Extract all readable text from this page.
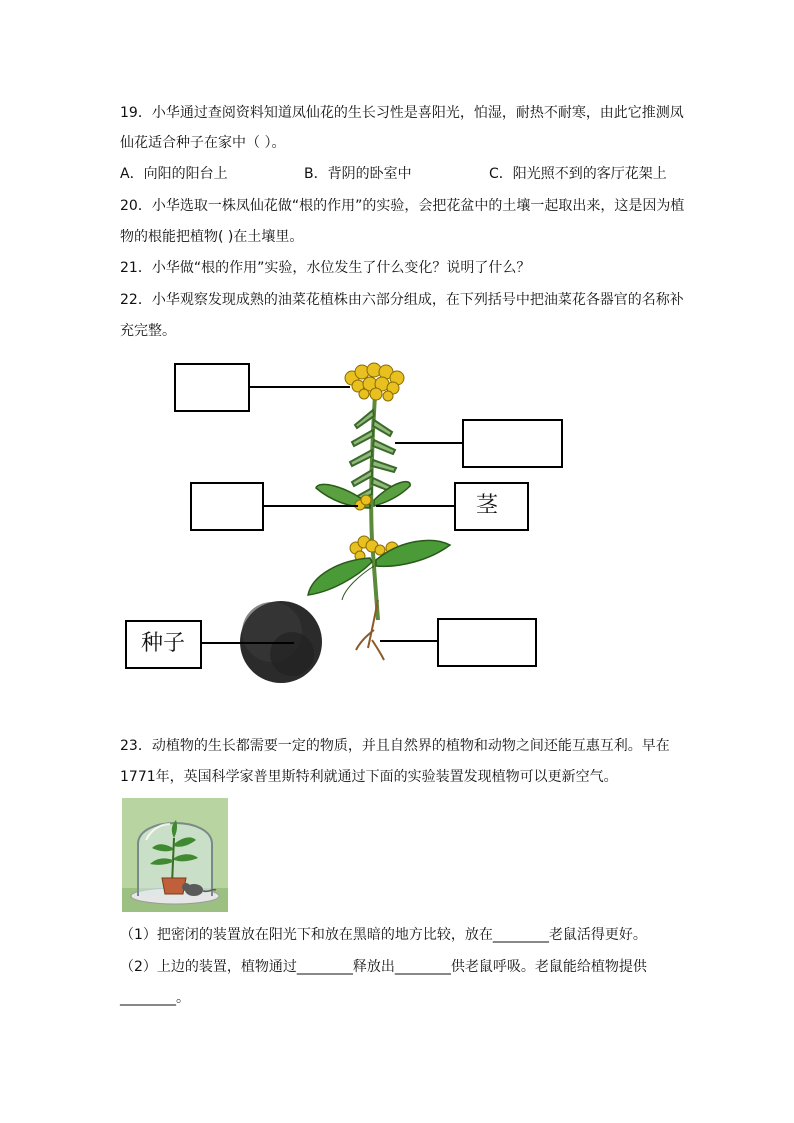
19．小华通过查阅资料知道凤仙花的生长习性是喜阳光，怕湿，耐热不耐寒，由此它推测凤
仙花适合种子在家中（ ）。
A．向阳的阳台上	B．背阴的卧室中	C．阳光照不到的客厅花架上
20．小华选取一株凤仙花做“根的作用”的实验，会把花盆中的土壤一起取出来，这是因为植
物的根能把植物( )在土壤里。
21．小华做“根的作用”实验，水位发生了什么变化？说明了什么？
22．小华观察发现成熟的油菜花植株由六部分组成，在下列括号中把油菜花各器官的名称补
充完整。
茎
种子
23．动植物的生长都需要一定的物质，并且自然界的植物和动物之间还能互惠互利。早在
1771年，英国科学家普里斯特利就通过下面的实验装置发现植物可以更新空气。
（1）把密闭的装置放在阳光下和放在黑暗的地方比较，放在________老鼠活得更好。
（2）上边的装置，植物通过________释放出________供老鼠呼吸。老鼠能给植物提供
________。
